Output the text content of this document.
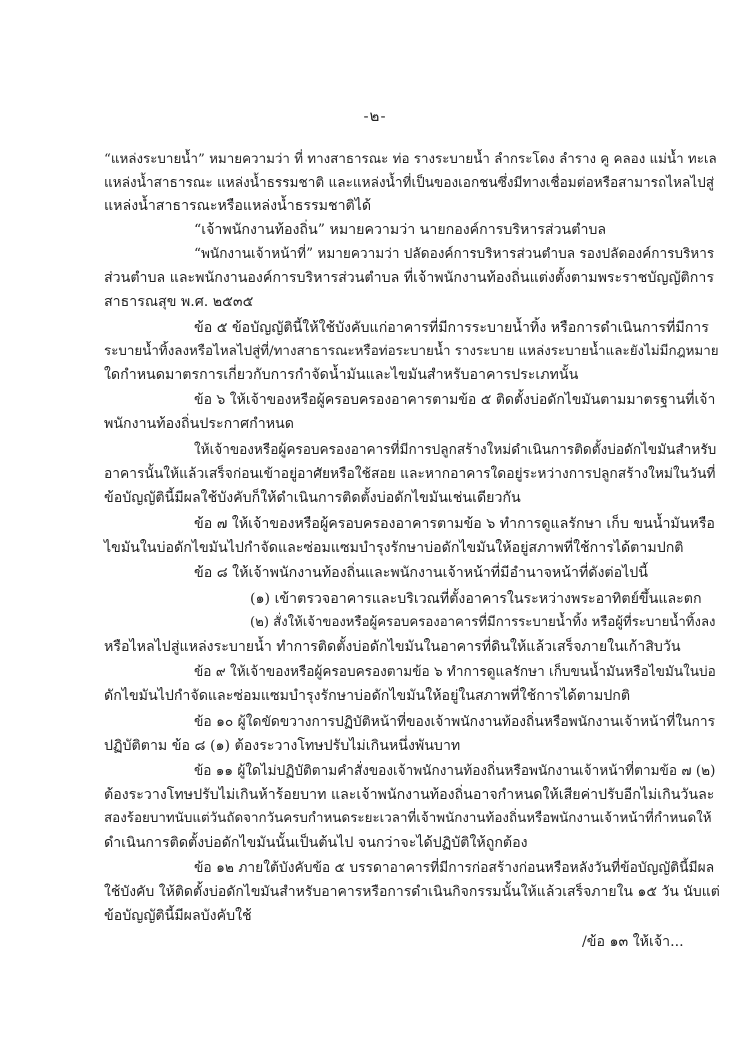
-๒-
“แหล่งระบายน้ำ” หมายความว่า ที่ ทางสาธารณะ ท่อ รางระบายน้ำ ลำกระโดง ลำราง คู คลอง แม่น้ำ ทะเล
แหล่งน้ำสาธารณะ แหล่งน้ำธรรมชาติ และแหล่งน้ำที่เป็นของเอกชนซึ่งมีทางเชื่อมต่อหรือสามารถไหลไปสู่
แหล่งน้ำสาธารณะหรือแหล่งน้ำธรรมชาติได้
“เจ้าพนักงานท้องถิ่น” หมายความว่า นายกองค์การบริหารส่วนตำบล
“พนักงานเจ้าหน้าที่” หมายความว่า ปลัดองค์การบริหารส่วนตำบล รองปลัดองค์การบริหาร
ส่วนตำบล และพนักงานองค์การบริหารส่วนตำบล ที่เจ้าพนักงานท้องถิ่นแต่งตั้งตามพระราชบัญญัติการ
สาธารณสุข พ.ศ. ๒๕๓๕
ข้อ ๕ ข้อบัญญัตินี้ให้ใช้บังคับแก่อาคารที่มีการระบายน้ำทิ้ง หรือการดำเนินการที่มีการ
ระบายน้ำทิ้งลงหรือไหลไปสู่ที่/ทางสาธารณะหรือท่อระบายน้ำ รางระบาย แหล่งระบายน้ำและยังไม่มีกฎหมาย
ใดกำหนดมาตรการเกี่ยวกับการกำจัดน้ำมันและไขมันสำหรับอาคารประเภทนั้น
ข้อ ๖ ให้เจ้าของหรือผู้ครอบครองอาคารตามข้อ ๕ ติดตั้งบ่อดักไขมันตามมาตรฐานที่เจ้า
พนักงานท้องถิ่นประกาศกำหนด
ให้เจ้าของหรือผู้ครอบครองอาคารที่มีการปลูกสร้างใหม่ดำเนินการติดตั้งบ่อดักไขมันสำหรับ
อาคารนั้นให้แล้วเสร็จก่อนเข้าอยู่อาศัยหรือใช้สอย และหากอาคารใดอยู่ระหว่างการปลูกสร้างใหม่ในวันที่
ข้อบัญญัตินี้มีผลใช้บังคับก็ให้ดำเนินการติดตั้งบ่อดักไขมันเช่นเดียวกัน
ข้อ ๗ ให้เจ้าของหรือผู้ครอบครองอาคารตามข้อ ๖ ทำการดูแลรักษา เก็บ ขนน้ำมันหรือ
ไขมันในบ่อดักไขมันไปกำจัดและซ่อมแซมบำรุงรักษาบ่อดักไขมันให้อยู่สภาพที่ใช้การได้ตามปกติ
ข้อ ๘ ให้เจ้าพนักงานท้องถิ่นและพนักงานเจ้าหน้าที่มีอำนาจหน้าที่ดังต่อไปนี้
(๑) เข้าตรวจอาคารและบริเวณที่ตั้งอาคารในระหว่างพระอาทิตย์ขึ้นและตก
(๒) สั่งให้เจ้าของหรือผู้ครอบครองอาคารที่มีการระบายน้ำทิ้ง หรือผู้ที่ระบายน้ำทิ้งลง
หรือไหลไปสู่แหล่งระบายน้ำ ทำการติดตั้งบ่อดักไขมันในอาคารที่ดินให้แล้วเสร็จภายในเก้าสิบวัน
ข้อ ๙ ให้เจ้าของหรือผู้ครอบครองตามข้อ ๖ ทำการดูแลรักษา เก็บขนน้ำมันหรือไขมันในบ่อ
ดักไขมันไปกำจัดและซ่อมแซมบำรุงรักษาบ่อดักไขมันให้อยู่ในสภาพที่ใช้การได้ตามปกติ
ข้อ ๑๐ ผู้ใดขัดขวางการปฏิบัติหน้าที่ของเจ้าพนักงานท้องถิ่นหรือพนักงานเจ้าหน้าที่ในการ
ปฏิบัติตาม ข้อ ๘ (๑) ต้องระวางโทษปรับไม่เกินหนึ่งพันบาท
ข้อ ๑๑ ผู้ใดไม่ปฏิบัติตามคำสั่งของเจ้าพนักงานท้องถิ่นหรือพนักงานเจ้าหน้าที่ตามข้อ ๗ (๒)
ต้องระวางโทษปรับไม่เกินห้าร้อยบาท และเจ้าพนักงานท้องถิ่นอาจกำหนดให้เสียค่าปรับอีกไม่เกินวันละ
สองร้อยบาทนับแต่วันถัดจากวันครบกำหนดระยะเวลาที่เจ้าพนักงานท้องถิ่นหรือพนักงานเจ้าหน้าที่กำหนดให้
ดำเนินการติดตั้งบ่อดักไขมันนั้นเป็นต้นไป จนกว่าจะได้ปฏิบัติให้ถูกต้อง
ข้อ ๑๒ ภายใต้บังคับข้อ ๕ บรรดาอาคารที่มีการก่อสร้างก่อนหรือหลังวันที่ข้อบัญญัตินี้มีผล
ใช้บังคับ ให้ติดตั้งบ่อดักไขมันสำหรับอาคารหรือการดำเนินกิจกรรมนั้นให้แล้วเสร็จภายใน ๑๕ วัน นับแต่
ข้อบัญญัตินี้มีผลบังคับใช้
/ข้อ ๑๓ ให้เจ้า...
